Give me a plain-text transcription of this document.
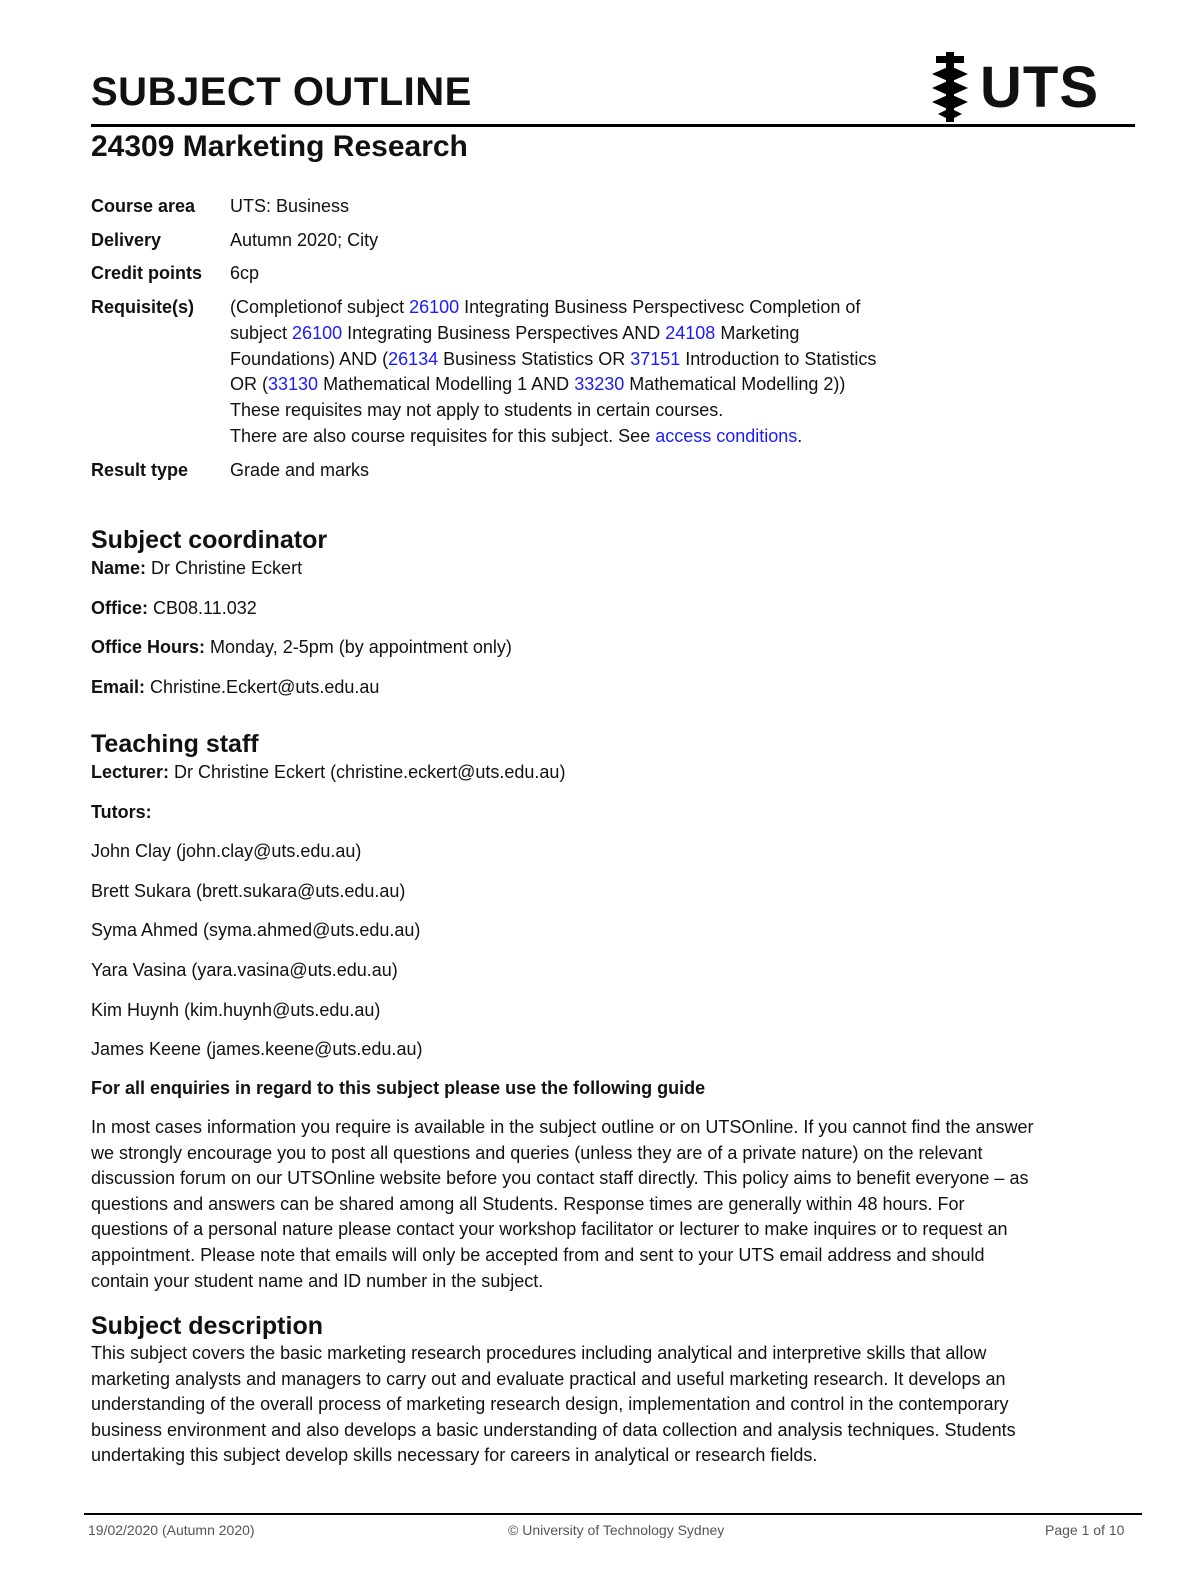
SUBJECT OUTLINE	UTS
24309 Marketing Research
Course area UTS: Business
Delivery	Autumn 2020; City
Credit points 6cp
Requisite(s) (Completionof subject 26100 Integrating Business Perspectivesc Completion of
subject 26100 Integrating Business Perspectives AND 24108 Marketing
Foundations) AND (26134 Business Statistics OR 37151 Introduction to Statistics
OR (33130 Mathematical Modelling 1 AND 33230 Mathematical Modelling 2))
These requisites may not apply to students in certain courses.
There are also course requisites for this subject. See access conditions.
Result type Grade and marks
Subject coordinator
Name: Dr Christine Eckert
Office: CB08.11.032
Office Hours: Monday, 2-5pm (by appointment only)
Email: Christine.Eckert@uts.edu.au
Teaching staff
Lecturer: Dr Christine Eckert (christine.eckert@uts.edu.au)
Tutors:
John Clay (john.clay@uts.edu.au)
Brett Sukara (brett.sukara@uts.edu.au)
Syma Ahmed (syma.ahmed@uts.edu.au)
Yara Vasina (yara.vasina@uts.edu.au)
Kim Huynh (kim.huynh@uts.edu.au)
James Keene (james.keene@uts.edu.au)
For all enquiries in regard to this subject please use the following guide
In most cases information you require is available in the subject outline or on UTSOnline. If you cannot find the answer
we strongly encourage you to post all questions and queries (unless they are of a private nature) on the relevant
discussion forum on our UTSOnline website before you contact staff directly. This policy aims to benefit everyone – as
questions and answers can be shared among all Students. Response times are generally within 48 hours. For
questions of a personal nature please contact your workshop facilitator or lecturer to make inquires or to request an
appointment. Please note that emails will only be accepted from and sent to your UTS email address and should
contain your student name and ID number in the subject.
Subject description
This subject covers the basic marketing research procedures including analytical and interpretive skills that allow
marketing analysts and managers to carry out and evaluate practical and useful marketing research. It develops an
understanding of the overall process of marketing research design, implementation and control in the contemporary
business environment and also develops a basic understanding of data collection and analysis techniques. Students
undertaking this subject develop skills necessary for careers in analytical or research fields.
19/02/2020 (Autumn 2020)	© University of Technology Sydney	Page 1 of 10
